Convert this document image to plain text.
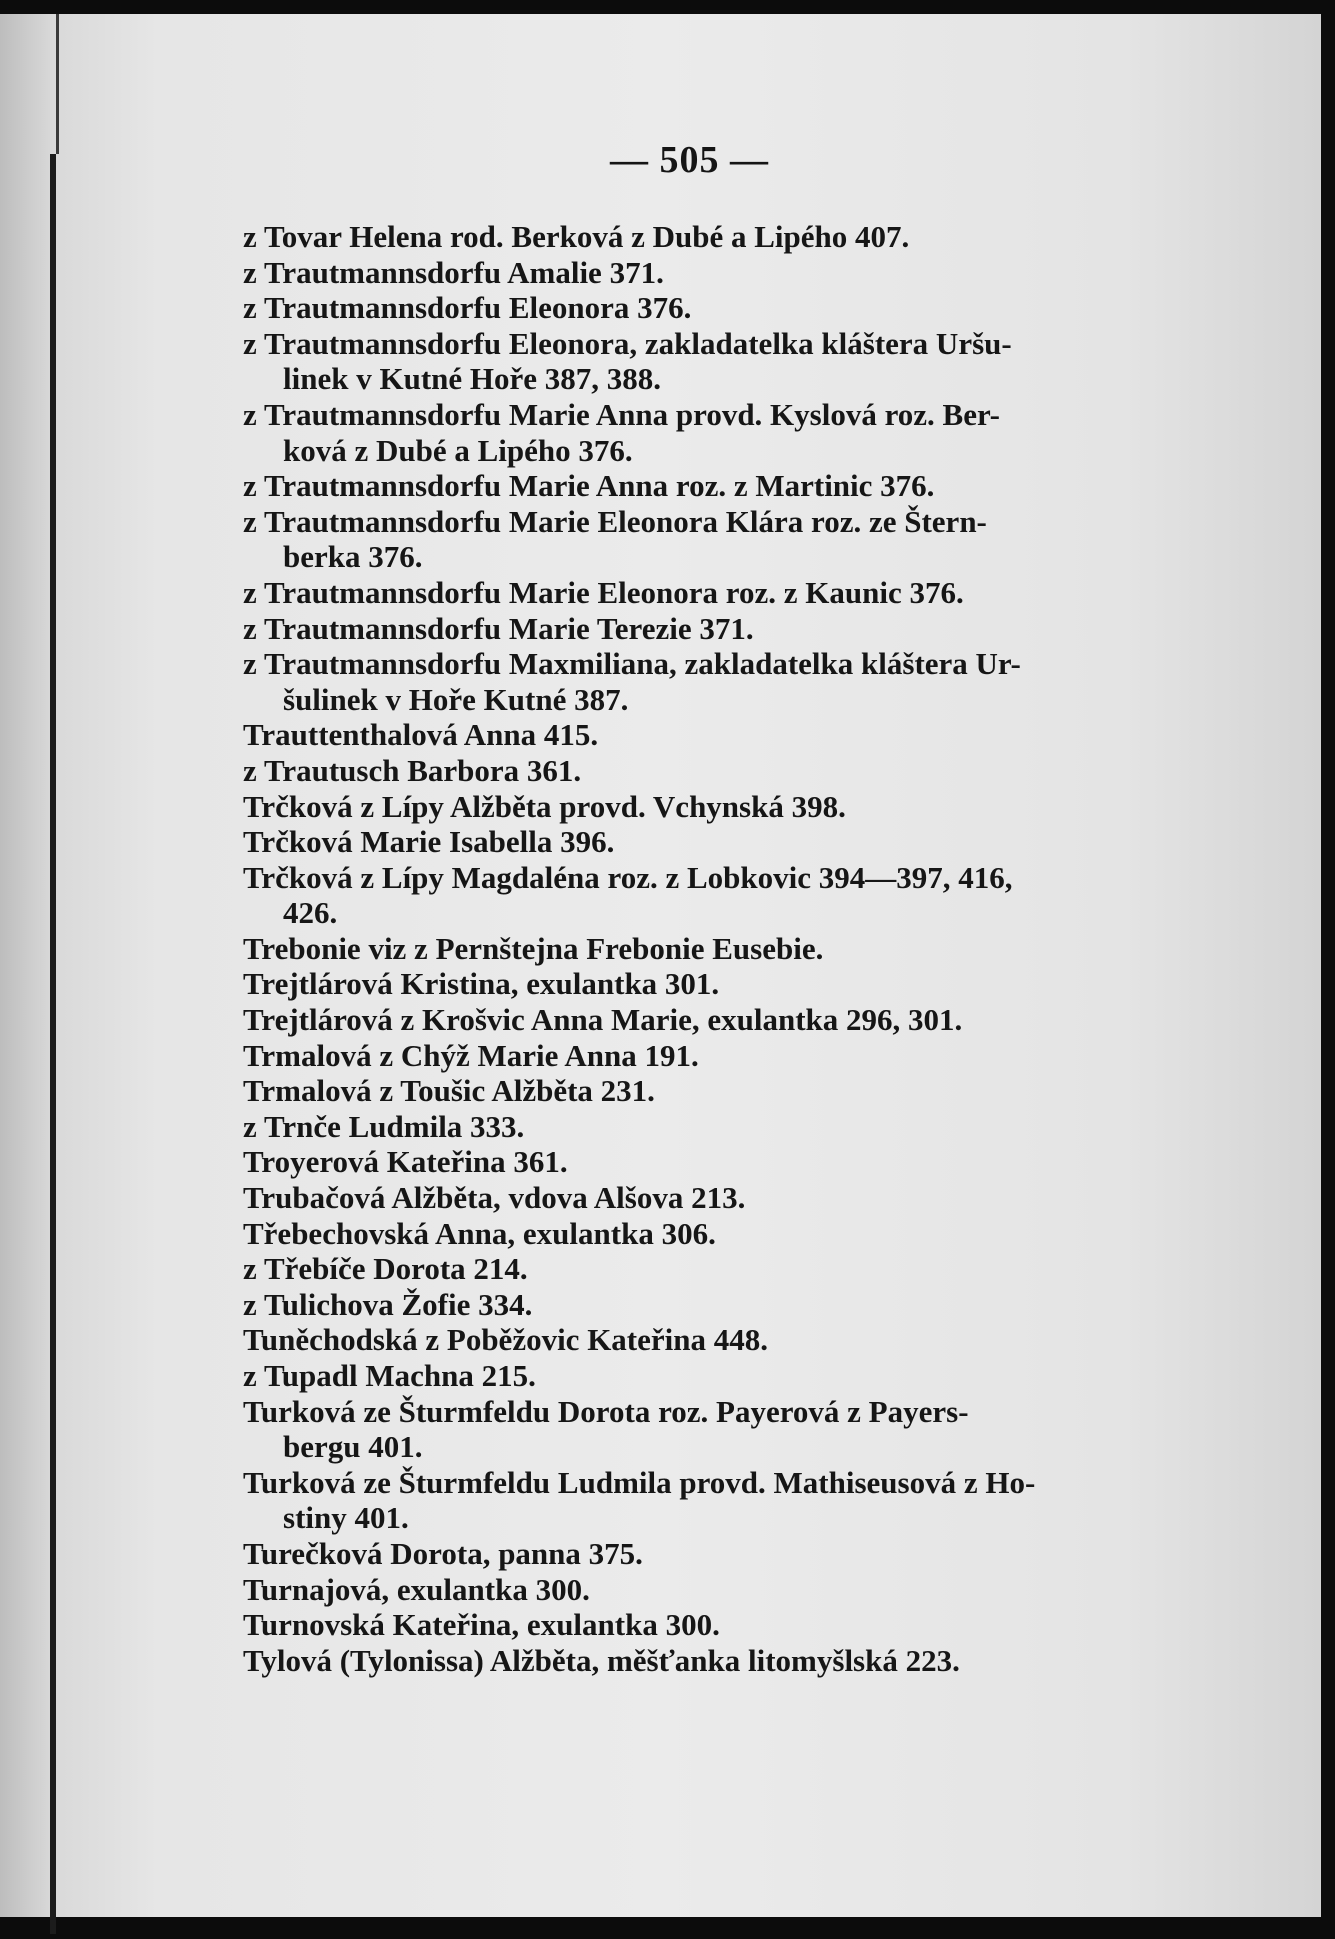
— 505 —
z Tovar Helena rod. Berková z Dubé a Lipého 407.
z Trautmannsdorfu Amalie 371.
z Trautmannsdorfu Eleonora 376.
z Trautmannsdorfu Eleonora, zakladatelka kláštera Uršu-
linek v Kutné Hoře 387, 388.
z Trautmannsdorfu Marie Anna provd. Kyslová roz. Ber-
ková z Dubé a Lipého 376.
z Trautmannsdorfu Marie Anna roz. z Martinic 376.
z Trautmannsdorfu Marie Eleonora Klára roz. ze Štern-
berka 376.
z Trautmannsdorfu Marie Eleonora roz. z Kaunic 376.
z Trautmannsdorfu Marie Terezie 371.
z Trautmannsdorfu Maxmiliana, zakladatelka kláštera Ur-
šulinek v Hoře Kutné 387.
Trauttenthalová Anna 415.
z Trautusch Barbora 361.
Trčková z Lípy Alžběta provd. Vchynská 398.
Trčková Marie Isabella 396.
Trčková z Lípy Magdaléna roz. z Lobkovic 394—397, 416,
426.
Trebonie viz z Pernštejna Frebonie Eusebie.
Trejtlárová Kristina, exulantka 301.
Trejtlárová z Krošvic Anna Marie, exulantka 296, 301.
Trmalová z Chýž Marie Anna 191.
Trmalová z Toušic Alžběta 231.
z Trnče Ludmila 333.
Troyerová Kateřina 361.
Trubačová Alžběta, vdova Alšova 213.
Třebechovská Anna, exulantka 306.
z Třebíče Dorota 214.
z Tulichova Žofie 334.
Tuněchodská z Poběžovic Kateřina 448.
z Tupadl Machna 215.
Turková ze Šturmfeldu Dorota roz. Payerová z Payers-
bergu 401.
Turková ze Šturmfeldu Ludmila provd. Mathiseusová z Ho-
stiny 401.
Turečková Dorota, panna 375.
Turnajová, exulantka 300.
Turnovská Kateřina, exulantka 300.
Tylová (Tylonissa) Alžběta, měšťanka litomyšlská 223.
